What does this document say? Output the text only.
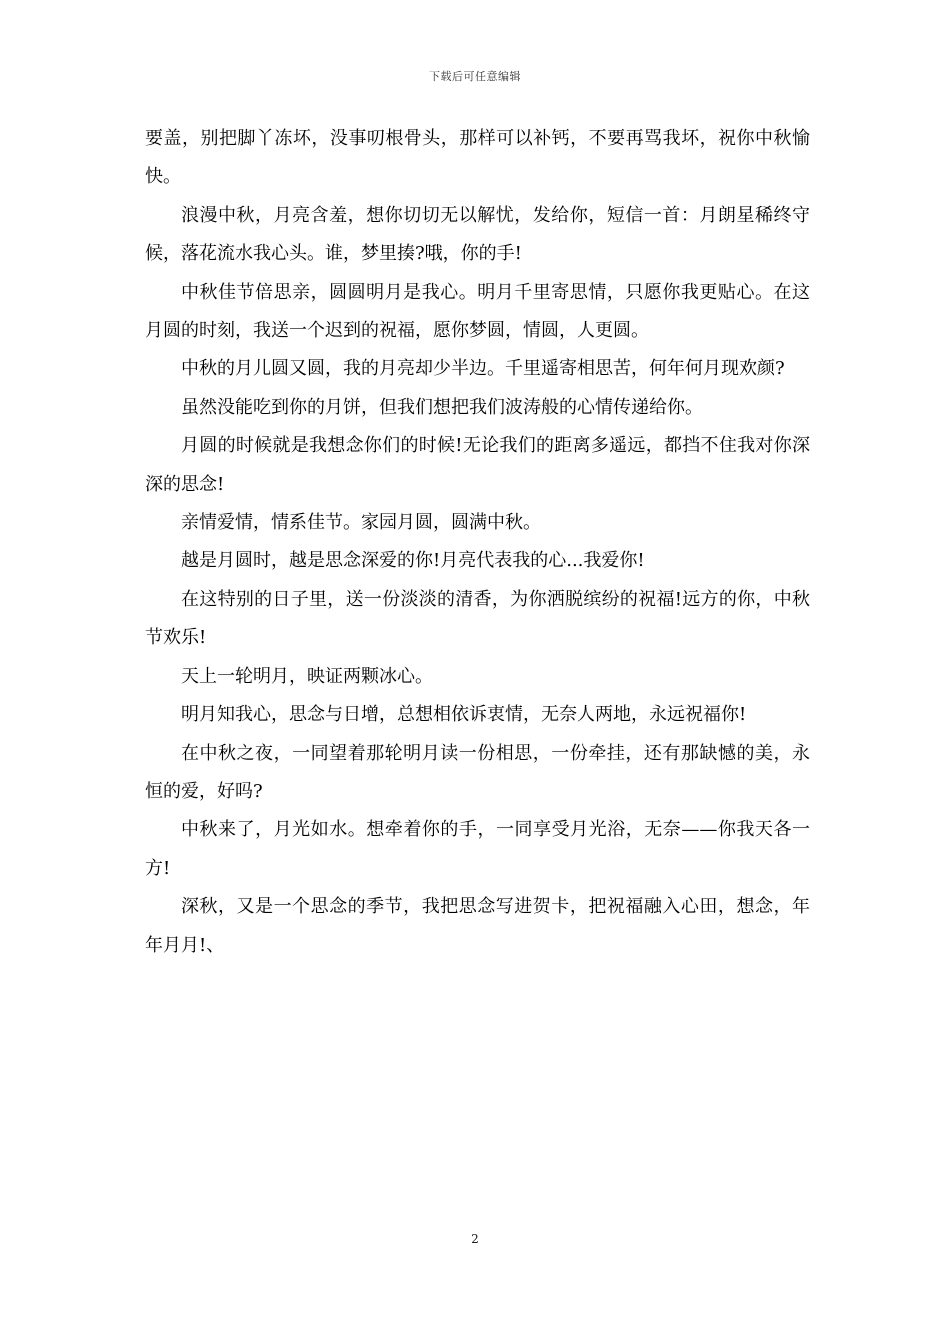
下载后可任意编辑

要盖，别把脚丫冻坏，没事叨根骨头，那样可以补钙，不要再骂我坏，祝你中秋愉快。

浪漫中秋，月亮含羞，想你切切无以解忧，发给你，短信一首：月朗星稀终守候，落花流水我心头。谁，梦里揍?哦，你的手!

中秋佳节倍思亲，圆圆明月是我心。明月千里寄思情，只愿你我更贴心。在这月圆的时刻，我送一个迟到的祝福，愿你梦圆，情圆，人更圆。

中秋的月儿圆又圆，我的月亮却少半边。千里遥寄相思苦，何年何月现欢颜?

虽然没能吃到你的月饼，但我们想把我们波涛般的心情传递给你。

月圆的时候就是我想念你们的时候!无论我们的距离多遥远，都挡不住我对你深深的思念!

亲情爱情，情系佳节。家园月圆，圆满中秋。

越是月圆时，越是思念深爱的你!月亮代表我的心...我爱你!

在这特别的日子里，送一份淡淡的清香，为你洒脱缤纷的祝福!远方的你，中秋节欢乐!

天上一轮明月，映证两颗冰心。

明月知我心，思念与日增，总想相依诉衷情，无奈人两地，永远祝福你!

在中秋之夜，一同望着那轮明月读一份相思，一份牵挂，还有那缺憾的美，永恒的爱，好吗?

中秋来了，月光如水。想牵着你的手，一同享受月光浴，无奈——你我天各一方!

深秋，又是一个思念的季节，我把思念写进贺卡，把祝福融入心田，想念，年年月月!、

2
